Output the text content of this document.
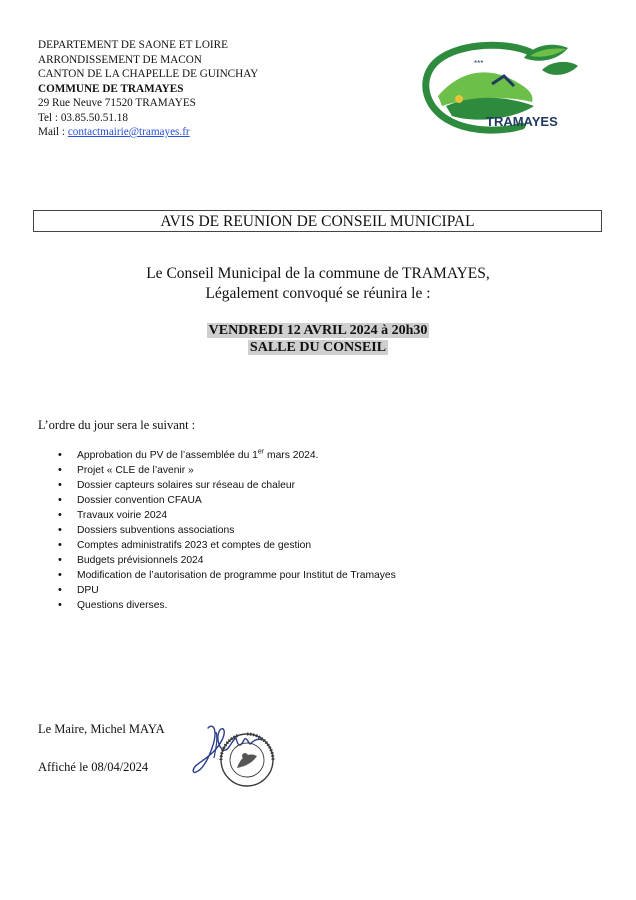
DEPARTEMENT DE SAONE ET LOIRE
ARRONDISSEMENT DE MACON
CANTON DE LA CHAPELLE DE GUINCHAY
COMMUNE DE TRAMAYES
29 Rue Neuve 71520 TRAMAYES
Tel : 03.85.50.51.18
Mail : contactmairie@tramayes.fr
***
TRAMAYES
AVIS DE REUNION DE CONSEIL MUNICIPAL
Le Conseil Municipal de la commune de TRAMAYES,
Légalement convoqué se réunira le :
VENDREDI 12 AVRIL 2024 à 20h30
SALLE DU CONSEIL
L’ordre du jour sera le suivant :
• Approbation du PV de l’assemblée du 1er mars 2024.
• Projet « CLE de l’avenir »
• Dossier capteurs solaires sur réseau de chaleur
• Dossier convention CFAUA
• Travaux voirie 2024
• Dossiers subventions associations
• Comptes administratifs 2023 et comptes de gestion
• Budgets prévisionnels 2024
• Modification de l’autorisation de programme pour Institut de Tramayes
• DPU
• Questions diverses.
Le Maire, Michel MAYA
Affiché le 08/04/2024
